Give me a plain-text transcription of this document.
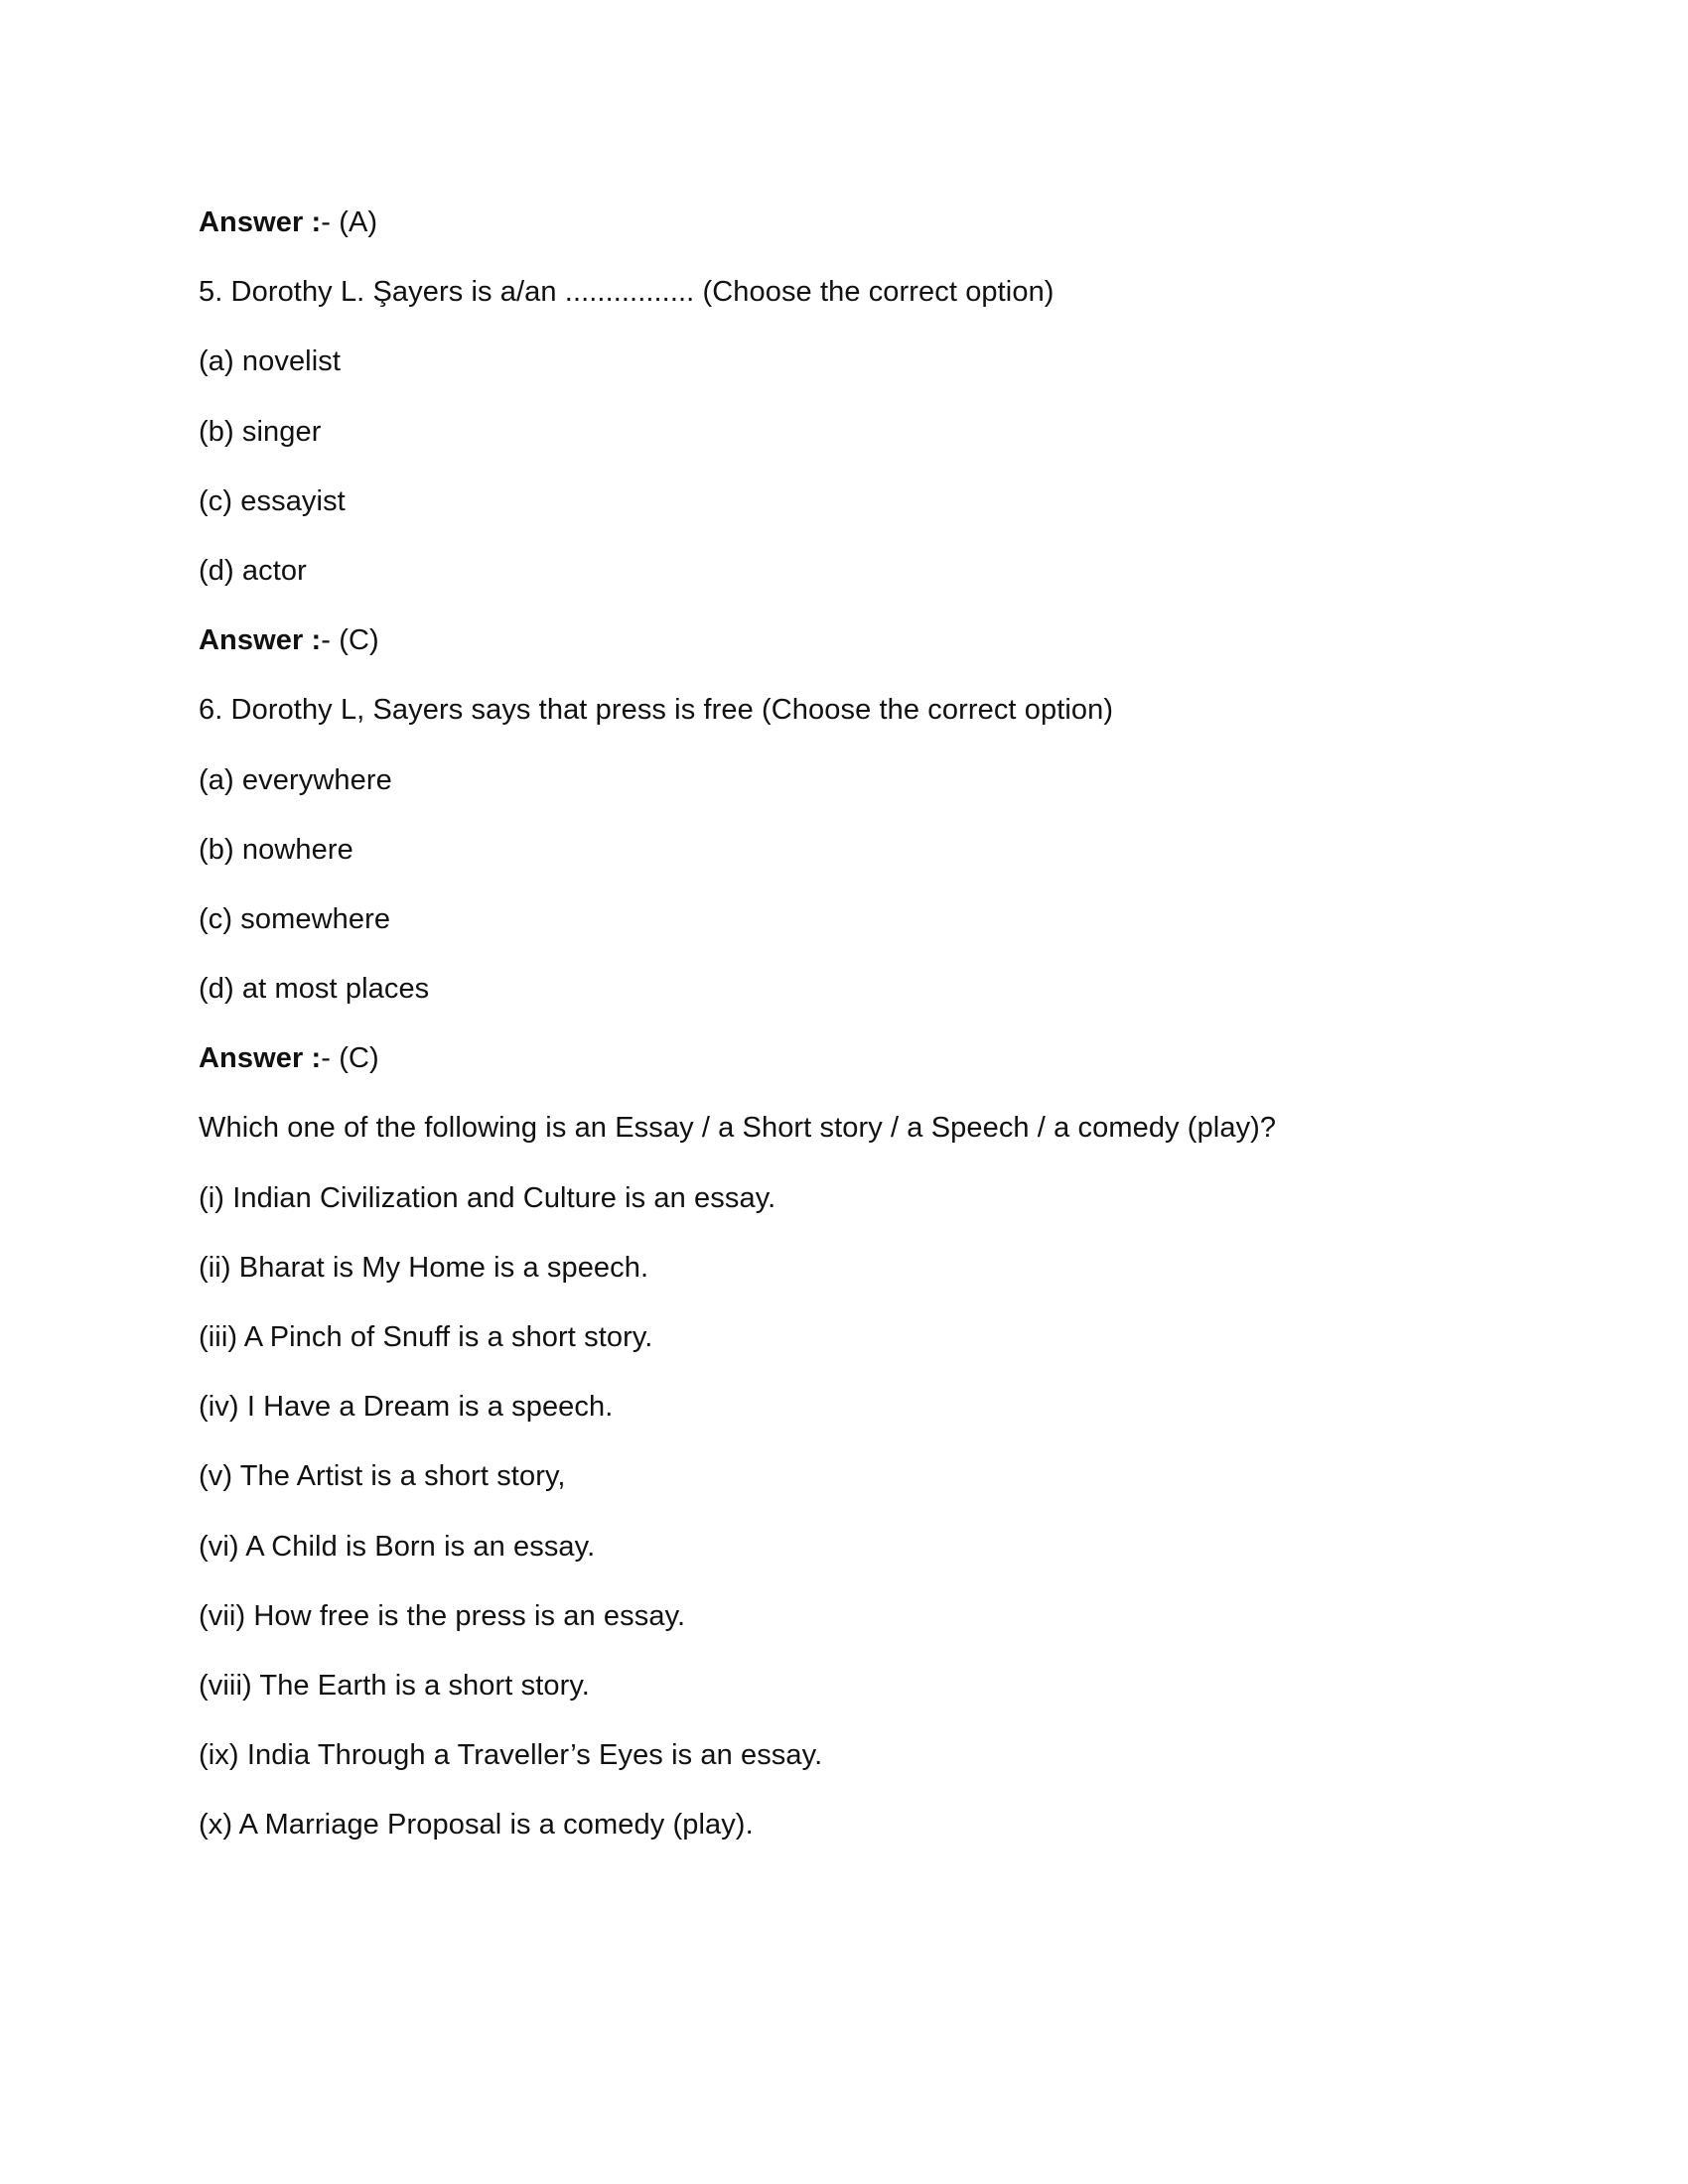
Answer :- (A)
5. Dorothy L. Şayers is a/an ................ (Choose the correct option)
(a) novelist
(b) singer
(c) essayist
(d) actor
Answer :- (C)
6. Dorothy L, Sayers says that press is free (Choose the correct option)
(a) everywhere
(b) nowhere
(c) somewhere
(d) at most places
Answer :- (C)
Which one of the following is an Essay / a Short story / a Speech / a comedy (play)?
(i) Indian Civilization and Culture is an essay.
(ii) Bharat is My Home is a speech.
(iii) A Pinch of Snuff is a short story.
(iv) I Have a Dream is a speech.
(v) The Artist is a short story,
(vi) A Child is Born is an essay.
(vii) How free is the press is an essay.
(viii) The Earth is a short story.
(ix) India Through a Traveller’s Eyes is an essay.
(x) A Marriage Proposal is a comedy (play).
